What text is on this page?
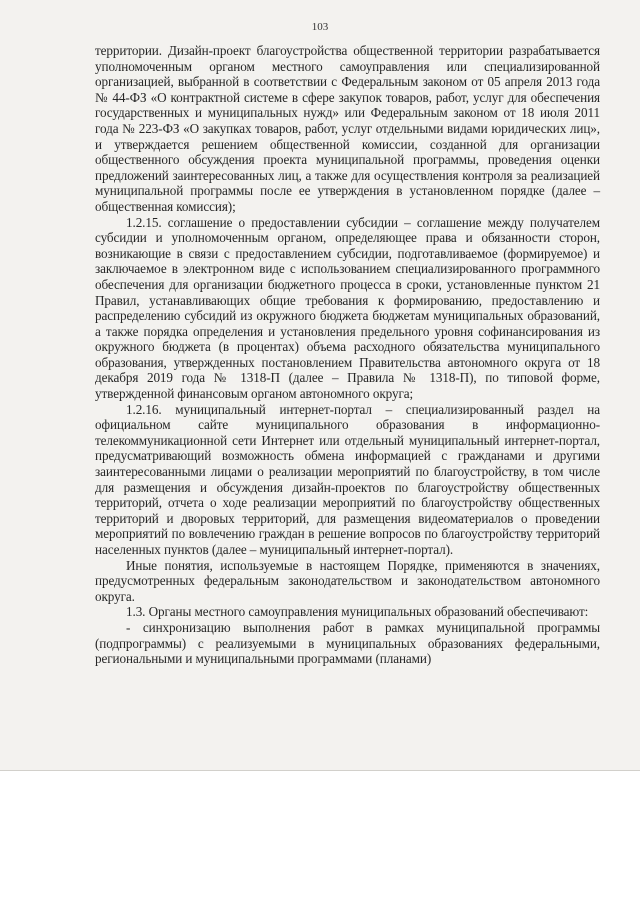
103

территории. Дизайн-проект благоустройства общественной территории разрабатывается уполномоченным органом местного самоуправления или специализированной организацией, выбранной в соответствии с Федеральным законом от 05 апреля 2013 года № 44-ФЗ «О контрактной системе в сфере закупок товаров, работ, услуг для обеспечения государственных и муниципальных нужд» или Федеральным законом от 18 июля 2011 года № 223-ФЗ «О закупках товаров, работ, услуг отдельными видами юридических лиц», и утверждается решением общественной комиссии, созданной для организации общественного обсуждения проекта муниципальной программы, проведения оценки предложений заинтересованных лиц, а также для осуществления контроля за реализацией муниципальной программы после ее утверждения в установленном порядке (далее – общественная комиссия);

1.2.15. соглашение о предоставлении субсидии – соглашение между получателем субсидии и уполномоченным органом, определяющее права и обязанности сторон, возникающие в связи с предоставлением субсидии, подготавливаемое (формируемое) и заключаемое в электронном виде с использованием специализированного программного обеспечения для организации бюджетного процесса в сроки, установленные пунктом 21 Правил, устанавливающих общие требования к формированию, предоставлению и распределению субсидий из окружного бюджета бюджетам муниципальных образований, а также порядка определения и установления предельного уровня софинансирования из окружного бюджета (в процентах) объема расходного обязательства муниципального образования, утвержденных постановлением Правительства автономного округа от 18 декабря 2019 года № 1318-П (далее – Правила № 1318-П), по типовой форме, утвержденной финансовым органом автономного округа;

1.2.16. муниципальный интернет-портал – специализированный раздел на официальном сайте муниципального образования в информационно-телекоммуникационной сети Интернет или отдельный муниципальный интернет-портал, предусматривающий возможность обмена информацией с гражданами и другими заинтересованными лицами о реализации мероприятий по благоустройству, в том числе для размещения и обсуждения дизайн-проектов по благоустройству общественных территорий, отчета о ходе реализации мероприятий по благоустройству общественных территорий и дворовых территорий, для размещения видеоматериалов о проведении мероприятий по вовлечению граждан в решение вопросов по благоустройству территорий населенных пунктов (далее – муниципальный интернет-портал).

Иные понятия, используемые в настоящем Порядке, применяются в значениях, предусмотренных федеральным законодательством и законодательством автономного округа.

1.3. Органы местного самоуправления муниципальных образований обеспечивают:

- синхронизацию выполнения работ в рамках муниципальной программы (подпрограммы) с реализуемыми в муниципальных образованиях федеральными, региональными и муниципальными программами (планами)
